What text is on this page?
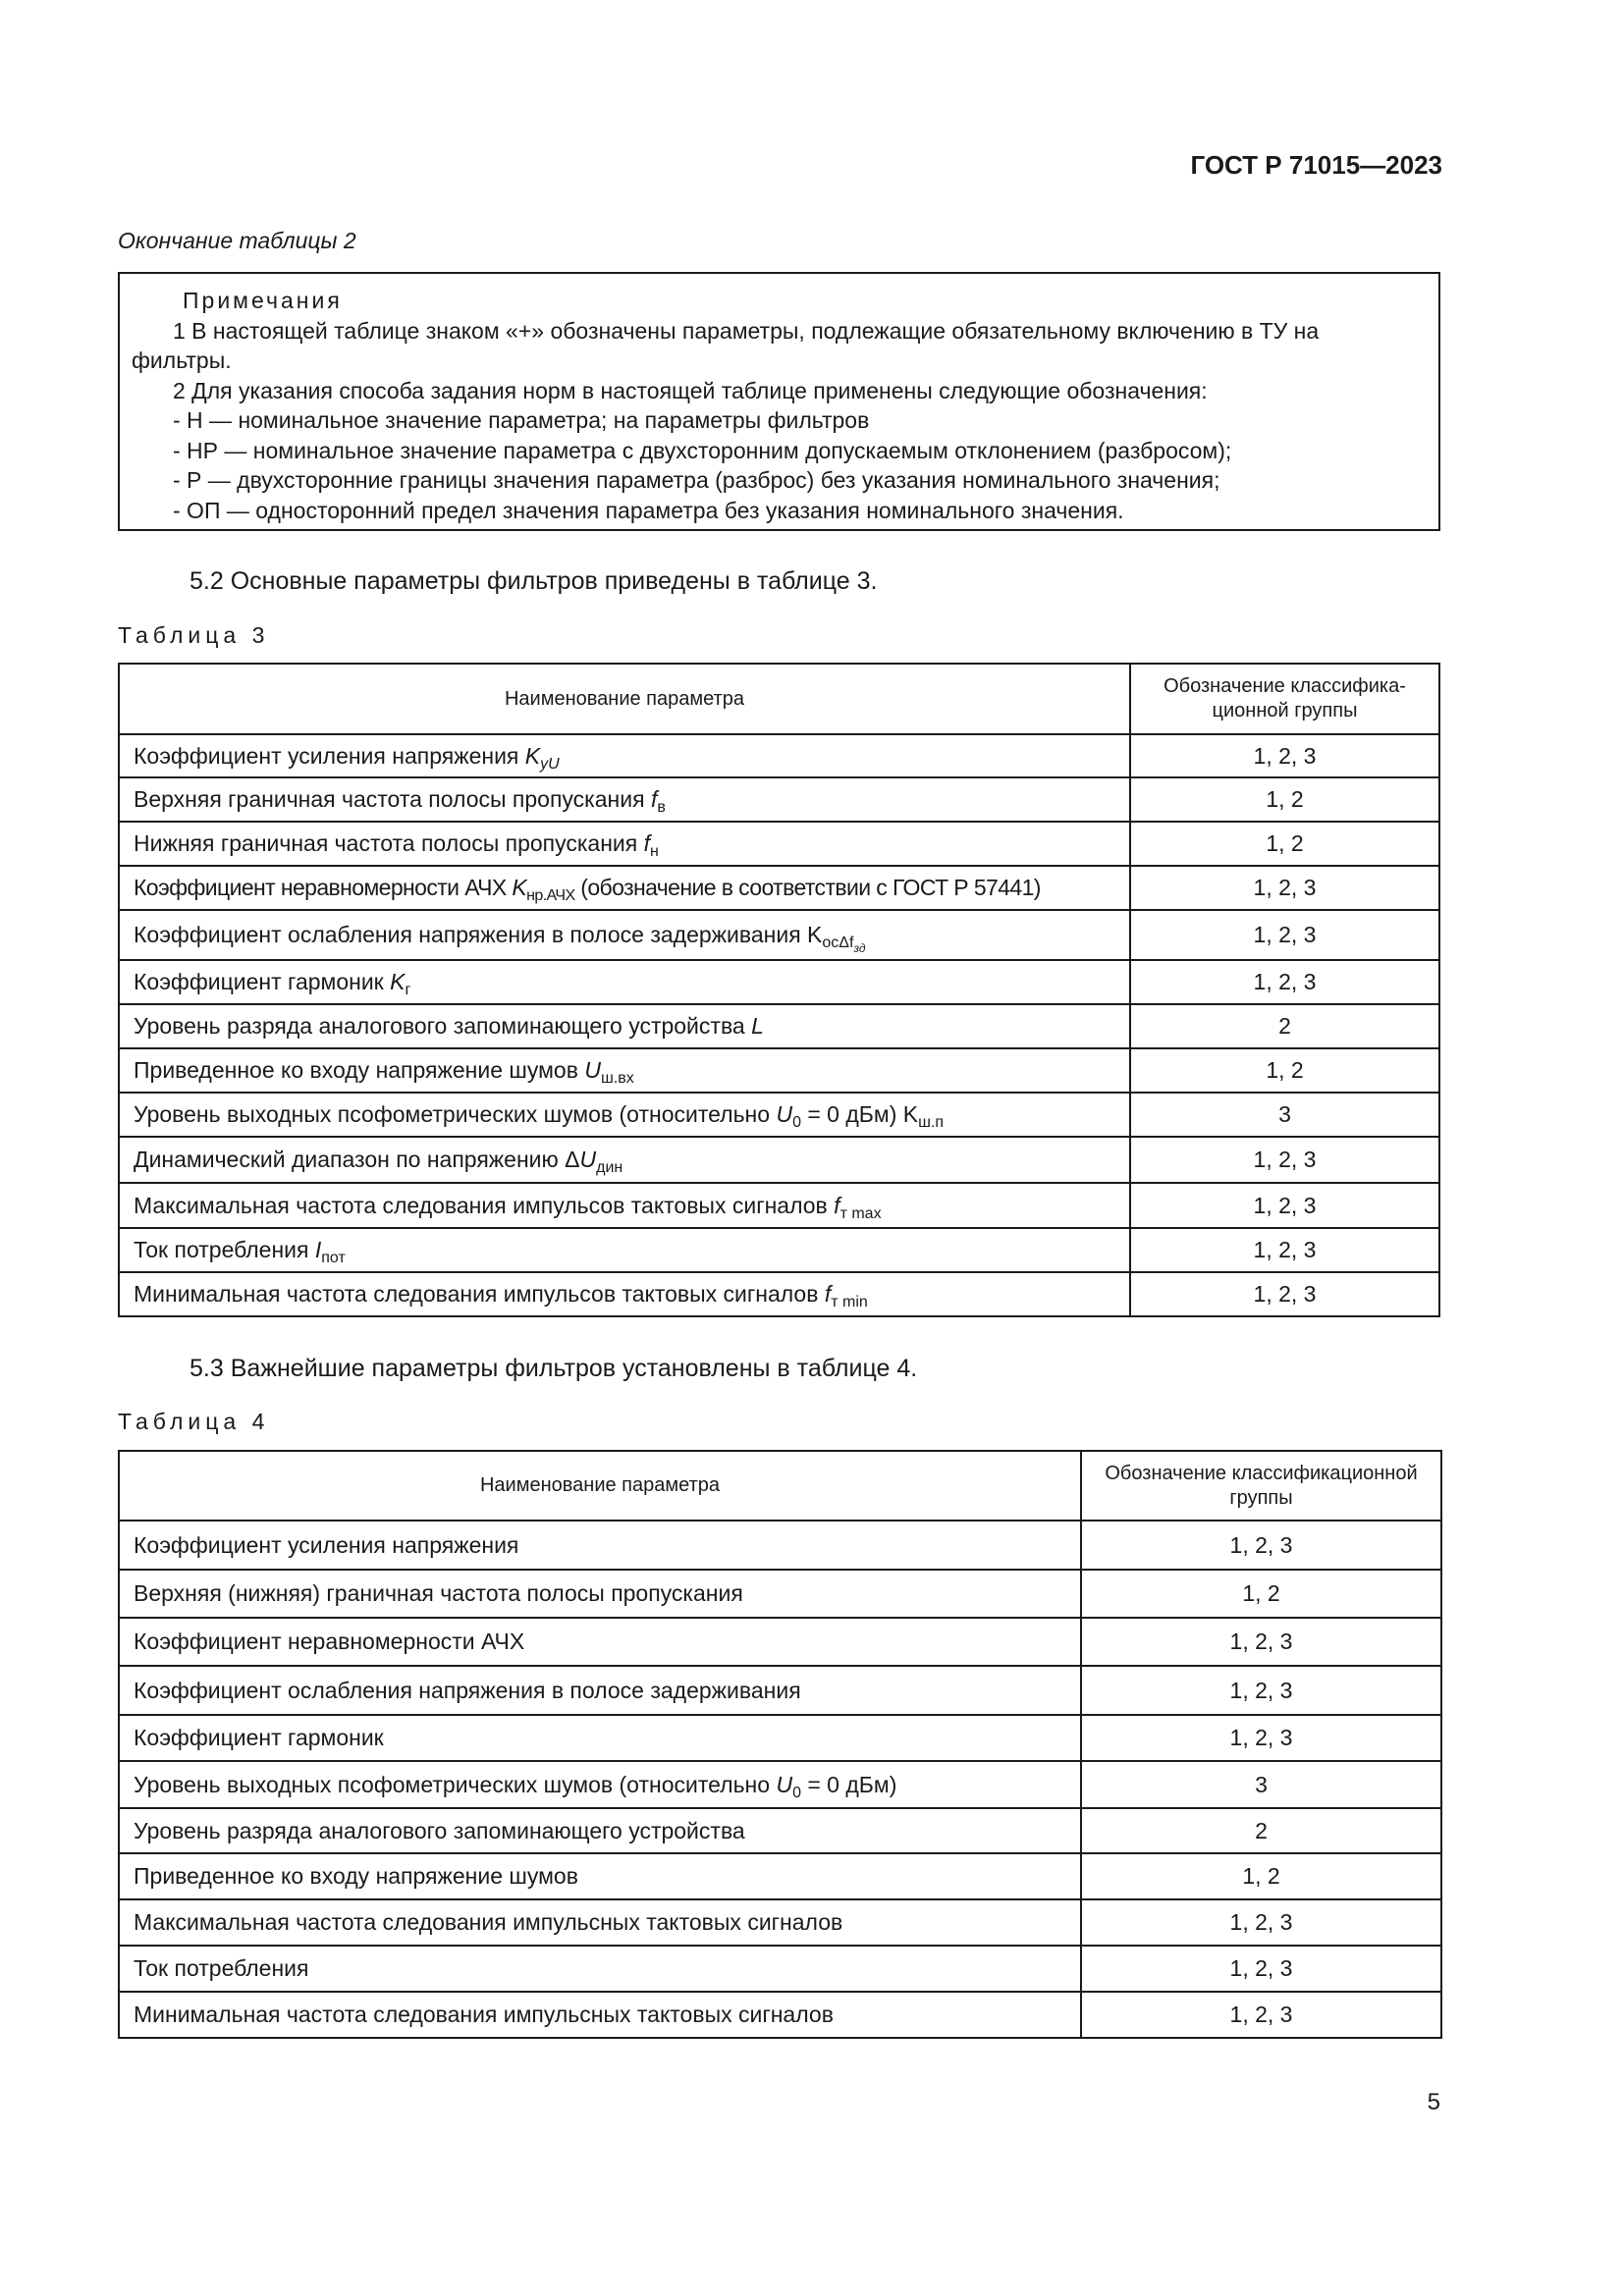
ГОСТ Р 71015—2023
Окончание таблицы 2
Примечания
1 В настоящей таблице знаком «+» обозначены параметры, подлежащие обязательному включению в ТУ на
фильтры.
2 Для указания способа задания норм в настоящей таблице применены следующие обозначения:
- Н — номинальное значение параметра; на параметры фильтров
- НР — номинальное значение параметра с двухсторонним допускаемым отклонением (разбросом);
- Р — двухсторонние границы значения параметра (разброс) без указания номинального значения;
- ОП — односторонний предел значения параметра без указания номинального значения.
5.2 Основные параметры фильтров приведены в таблице 3.
Таблица 3
Наименование параметра	Обозначение классифика-ционной группы
Коэффициент усиления напряжения $K_{yU}$	1, 2, 3
Верхняя граничная частота полосы пропускания $f_в$	1, 2
Нижняя граничная частота полосы пропускания $f_н$	1, 2
Коэффициент неравномерности АЧХ $K_{нр.АЧХ}$ (обозначение в соответствии с ГОСТ Р 57441)	1, 2, 3
Коэффициент ослабления напряжения в полосе задерживания $K_{ос\Delta f_{зд}}$	1, 2, 3
Коэффициент гармоник $K_г$	1, 2, 3
Уровень разряда аналогового запоминающего устройства L	2
Приведенное ко входу напряжение шумов $U_{ш.вх}$	1, 2
Уровень выходных псофометрических шумов (относительно $U_0 = 0$ дБм) $K_{ш.п}$	3
Динамический диапазон по напряжению $\Delta U_{дин}$	1, 2, 3
Максимальная частота следования импульсов тактовых сигналов $f_{т max}$	1, 2, 3
Ток потребления $I_{пот}$	1, 2, 3
Минимальная частота следования импульсов тактовых сигналов $f_{т min}$	1, 2, 3
5.3 Важнейшие параметры фильтров установлены в таблице 4.
Таблица 4
Наименование параметра	Обозначение классификационной группы
Коэффициент усиления напряжения	1, 2, 3
Верхняя (нижняя) граничная частота полосы пропускания	1, 2
Коэффициент неравномерности АЧХ	1, 2, 3
Коэффициент ослабления напряжения в полосе задерживания	1, 2, 3
Коэффициент гармоник	1, 2, 3
Уровень выходных псофометрических шумов (относительно $U_0 = 0$ дБм)	3
Уровень разряда аналогового запоминающего устройства	2
Приведенное ко входу напряжение шумов	1, 2
Максимальная частота следования импульсных тактовых сигналов	1, 2, 3
Ток потребления	1, 2, 3
Минимальная частота следования импульсных тактовых сигналов	1, 2, 3
5
